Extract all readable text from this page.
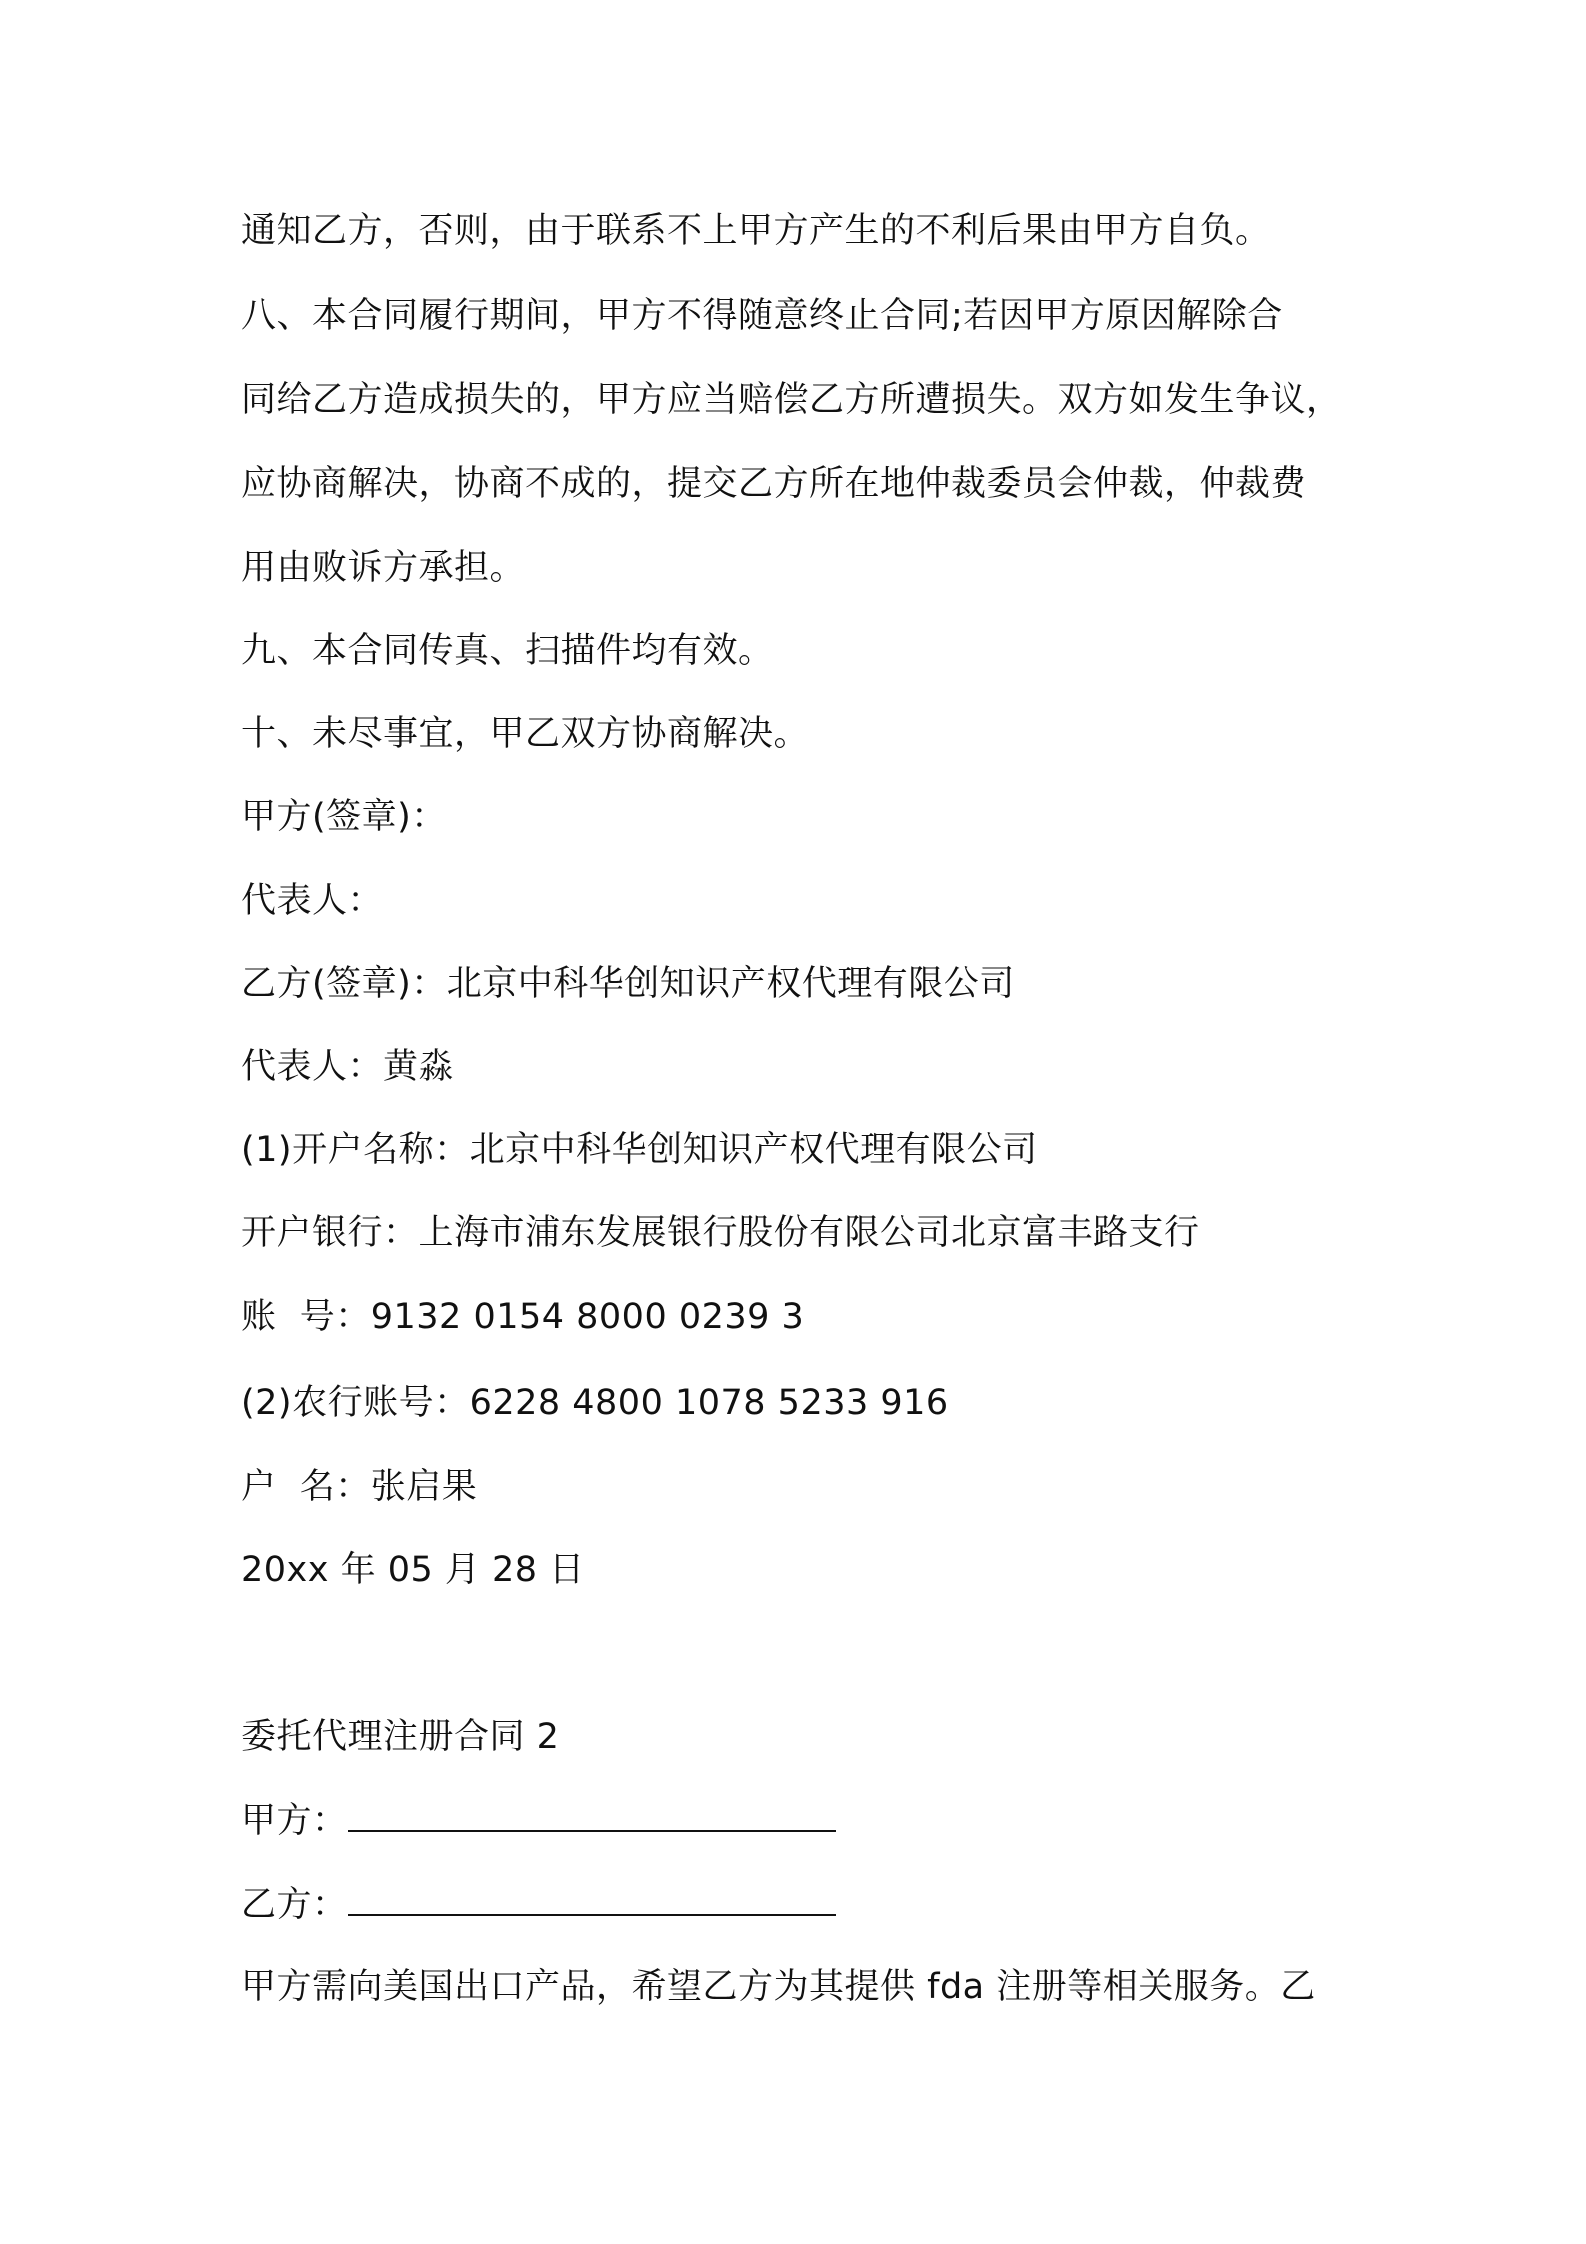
通知乙方，否则，由于联系不上甲方产生的不利后果由甲方自负。
八、本合同履行期间，甲方不得随意终止合同;若因甲方原因解除合
同给乙方造成损失的，甲方应当赔偿乙方所遭损失。双方如发生争议，
应协商解决，协商不成的，提交乙方所在地仲裁委员会仲裁，仲裁费
用由败诉方承担。
九、本合同传真、扫描件均有效。
十、未尽事宜，甲乙双方协商解决。
甲方(签章)：
代表人：
乙方(签章)：北京中科华创知识产权代理有限公司
代表人：黄淼
(1)开户名称：北京中科华创知识产权代理有限公司
开户银行：上海市浦东发展银行股份有限公司北京富丰路支行
账  号：9132 0154 8000 0239 3
(2)农行账号：6228 4800 1078 5233 916
户  名：张启果
20xx 年 05 月 28 日
委托代理注册合同 2
甲方：
乙方：
甲方需向美国出口产品，希望乙方为其提供 fda 注册等相关服务。乙
